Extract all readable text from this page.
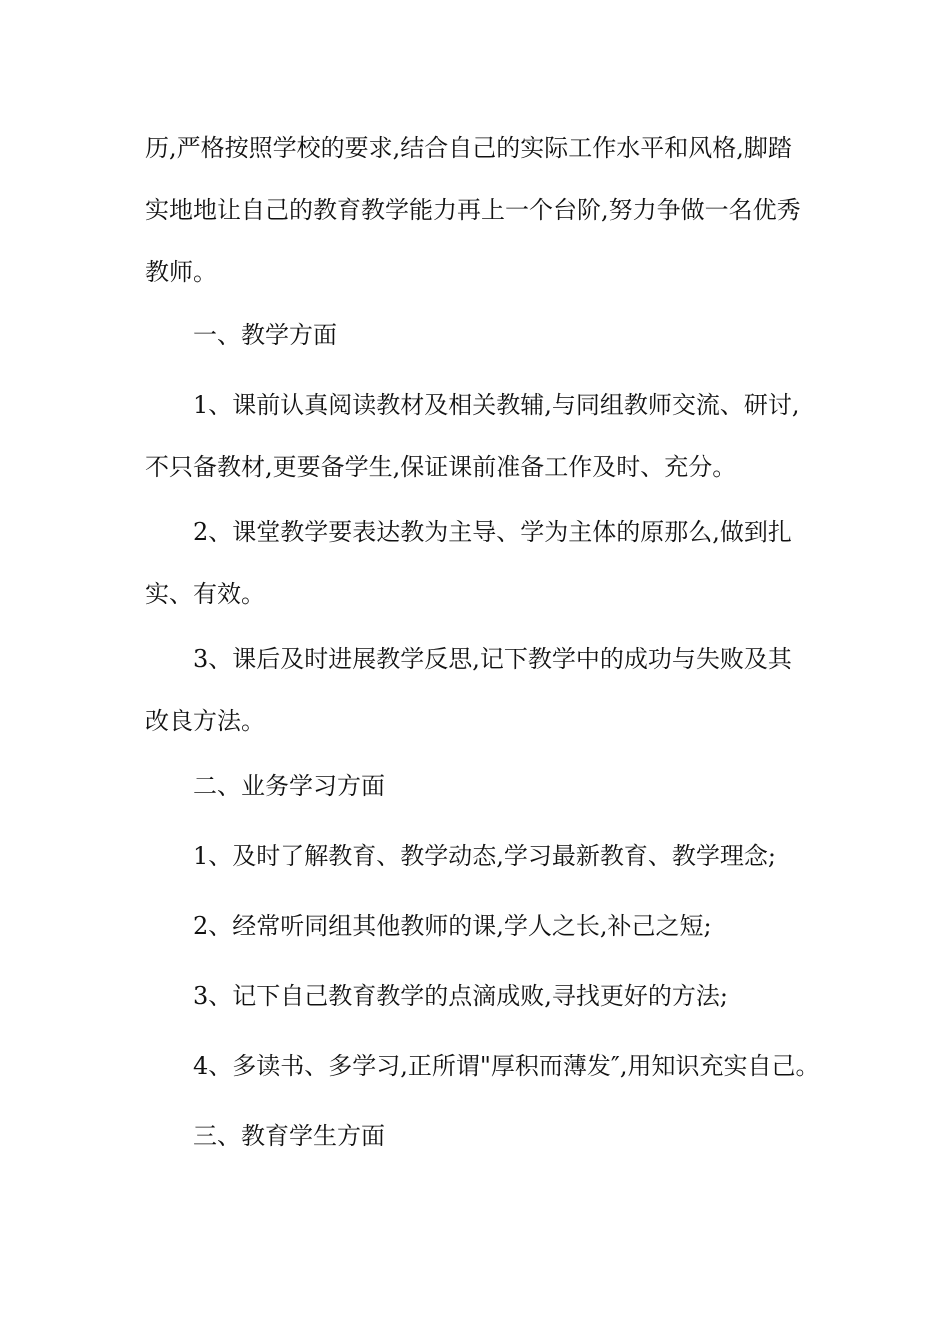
历,严格按照学校的要求,结合自己的实际工作水平和风格,脚踏
实地地让自己的教育教学能力再上一个台阶,努力争做一名优秀
教师。

一、教学方面

1、课前认真阅读教材及相关教辅,与同组教师交流、研讨,
不只备教材,更要备学生,保证课前准备工作及时、充分。

2、课堂教学要表达教为主导、学为主体的原那么,做到扎
实、有效。

3、课后及时进展教学反思,记下教学中的成功与失败及其
改良方法。

二、业务学习方面

1、及时了解教育、教学动态,学习最新教育、教学理念;

2、经常听同组其他教师的课,学人之长,补己之短;

3、记下自己教育教学的点滴成败,寻找更好的方法;

4、多读书、多学习,正所谓"厚积而薄发″,用知识充实自己。

三、教育学生方面
